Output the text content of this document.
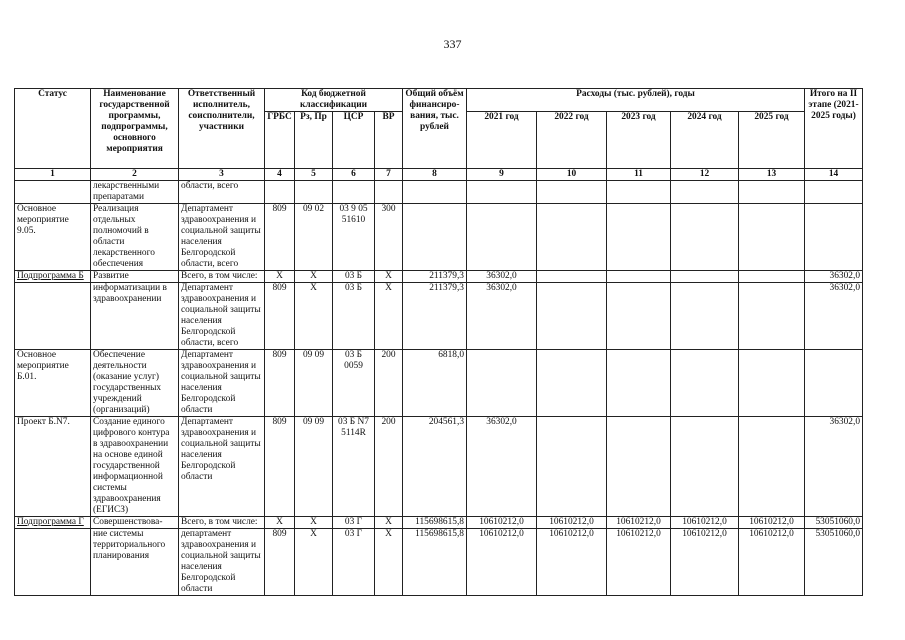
337
Статус	Наименование государственной программы, подпрограммы, основного мероприятия	Ответственный исполнитель, соисполнители, участники	Код бюджетной классификации				Общий объём финансиро-вания, тыс. рублей	Расходы (тыс. рублей), годы					Итого на II этапе (2021-2025 годы)
			ГРБС	Рз, Пр	ЦСР	ВР		2021 год	2022 год	2023 год	2024 год	2025 год	
1	2	3	4	5	6	7	8	9	10	11	12	13	14
	лекарственными препаратами	области, всего											
Основное мероприятие 9.05.	Реализация отдельных полномочий в области лекарственного обеспечения	Департамент здравоохранения и социальной защиты населения Белгородской области, всего	809	09 02	03 9 05 51610	300							
Подпрограмма Б	Развитие	Всего, в том числе:	Х	Х	03 Б	Х	211379,3	36302,0					36302,0
	информатизации в здравоохранении	Департамент здравоохранения и социальной защиты населения Белгородской области, всего	809	Х	03 Б	Х	211379,3	36302,0					36302,0
Основное мероприятие Б.01.	Обеспечение деятельности (оказание услуг) государственных учреждений (организаций)	Департамент здравоохранения и социальной защиты населения Белгородской области	809	09 09	03 Б 0059	200	6818,0						
Проект Б.N7.	Создание единого цифрового контура в здравоохранении на основе единой государственной информационной системы здравоохранения (ЕГИСЗ)	Департамент здравоохранения и социальной защиты населения Белгородской области	809	09 09	03 Б N7 5114R	200	204561,3	36302,0					36302,0
Подпрограмма Г	Совершенствова-	Всего, в том числе:	Х	Х	03 Г	Х	115698615,8	10610212,0	10610212,0	10610212,0	10610212,0	10610212,0	53051060,0
	ние системы территориального планирования	департамент здравоохранения и социальной защиты населения Белгородской области	809	Х	03 Г	Х	115698615,8	10610212,0	10610212,0	10610212,0	10610212,0	10610212,0	53051060,0
